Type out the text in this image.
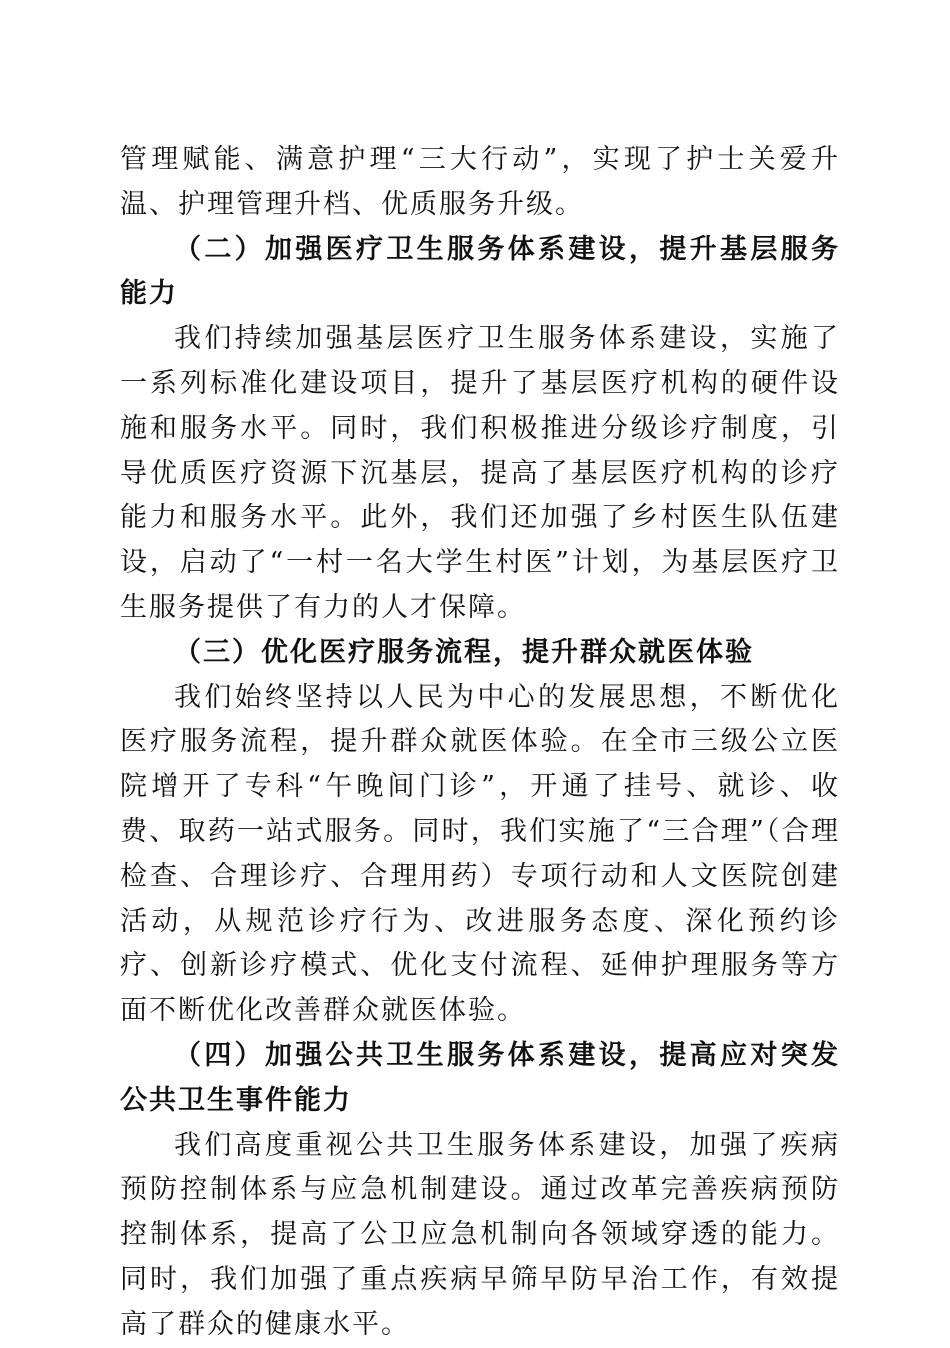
管理赋能、满意护理“三大行动”，实现了护士关爱升温、护理管理升档、优质服务升级。

（二）加强医疗卫生服务体系建设，提升基层服务能力

我们持续加强基层医疗卫生服务体系建设，实施了一系列标准化建设项目，提升了基层医疗机构的硬件设施和服务水平。同时，我们积极推进分级诊疗制度，引导优质医疗资源下沉基层，提高了基层医疗机构的诊疗能力和服务水平。此外，我们还加强了乡村医生队伍建设，启动了“一村一名大学生村医”计划，为基层医疗卫生服务提供了有力的人才保障。

（三）优化医疗服务流程，提升群众就医体验

我们始终坚持以人民为中心的发展思想，不断优化医疗服务流程，提升群众就医体验。在全市三级公立医院增开了专科“午晚间门诊”，开通了挂号、就诊、收费、取药一站式服务。同时，我们实施了“三合理”（合理检查、合理诊疗、合理用药）专项行动和人文医院创建活动，从规范诊疗行为、改进服务态度、深化预约诊疗、创新诊疗模式、优化支付流程、延伸护理服务等方面不断优化改善群众就医体验。

（四）加强公共卫生服务体系建设，提高应对突发公共卫生事件能力

我们高度重视公共卫生服务体系建设，加强了疾病预防控制体系与应急机制建设。通过改革完善疾病预防控制体系，提高了公卫应急机制向各领域穿透的能力。同时，我们加强了重点疾病早筛早防早治工作，有效提高了群众的健康水平。
